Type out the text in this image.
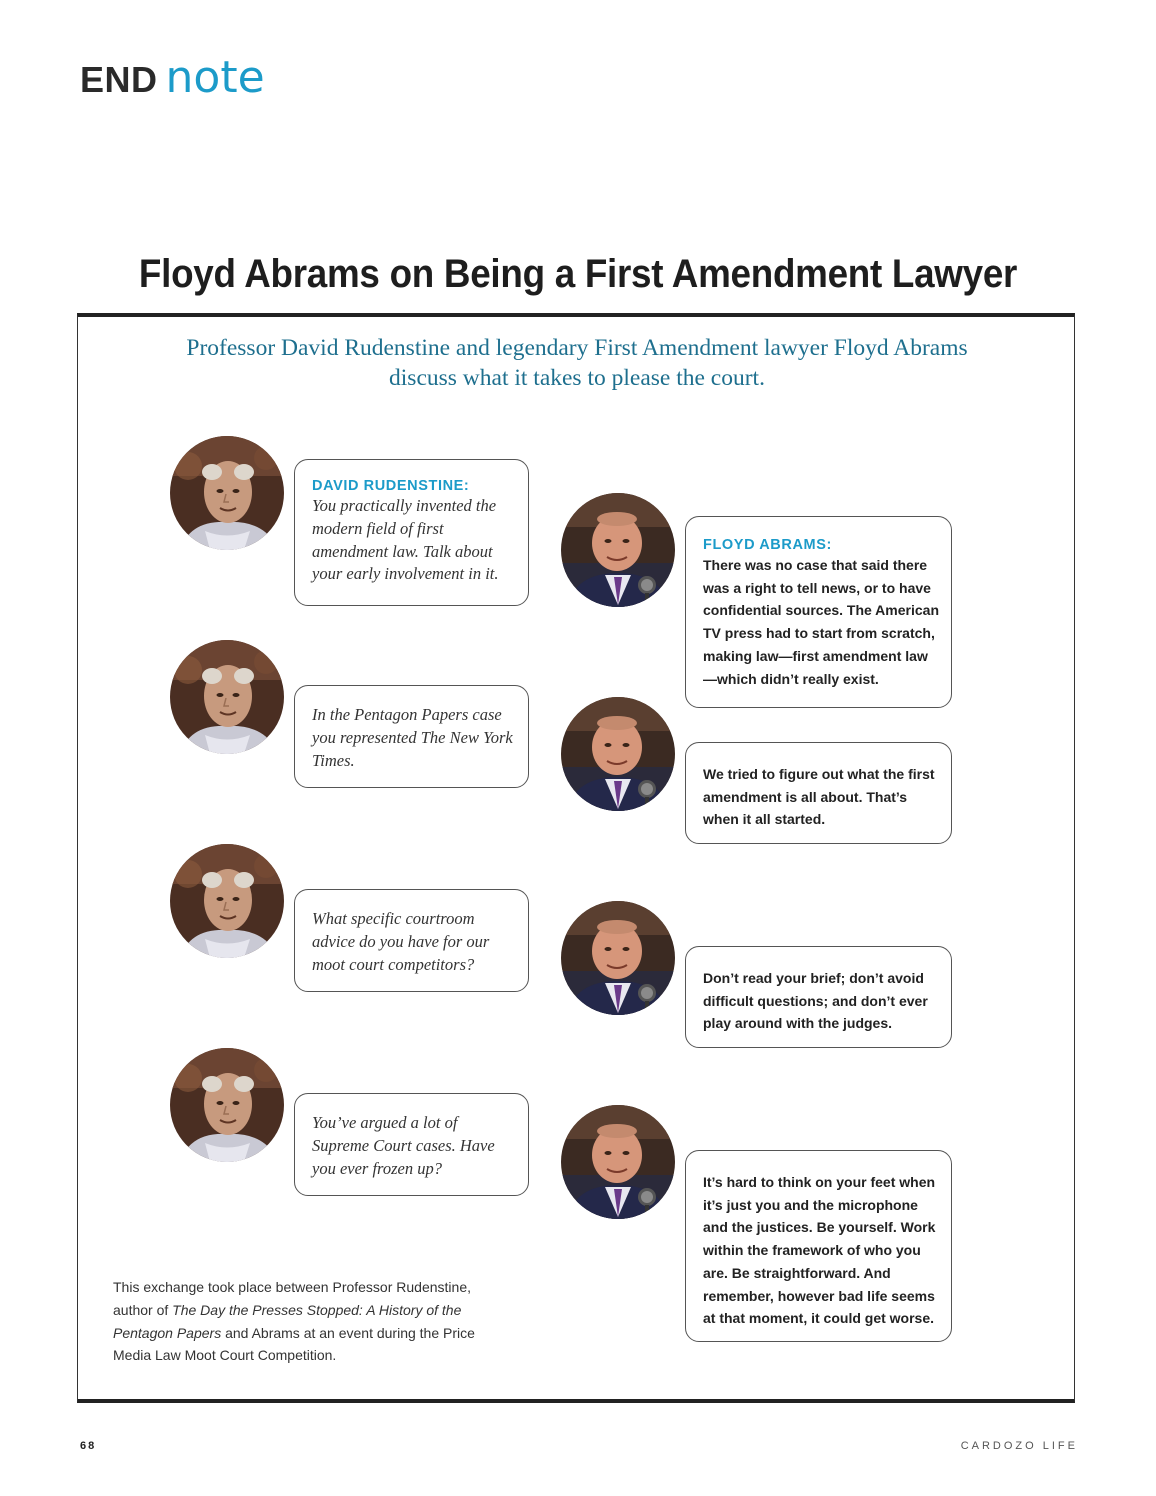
END note
Floyd Abrams on Being a First Amendment Lawyer
Professor David Rudenstine and legendary First Amendment lawyer Floyd Abrams
discuss what it takes to please the court.
DAVID RUDENSTINE:
You practically invented the modern field of first amendment law. Talk about your early involvement in it.
FLOYD ABRAMS:
There was no case that said there was a right to tell news, or to have confidential sources. The American TV press had to start from scratch, making law—first amendment law—which didn’t really exist.
In the Pentagon Papers case you represented The New York Times.
We tried to figure out what the first amendment is all about. That’s when it all started.
What specific courtroom advice do you have for our moot court competitors?
Don’t read your brief; don’t avoid difficult questions; and don’t ever play around with the judges.
You’ve argued a lot of Supreme Court cases. Have you ever frozen up?
It’s hard to think on your feet when it’s just you and the microphone and the justices. Be yourself. Work within the framework of who you are. Be straightforward. And remember, however bad life seems at that moment, it could get worse.
This exchange took place between Professor Rudenstine, author of The Day the Presses Stopped: A History of the Pentagon Papers and Abrams at an event during the Price Media Law Moot Court Competition.
68	CARDOZO LIFE
